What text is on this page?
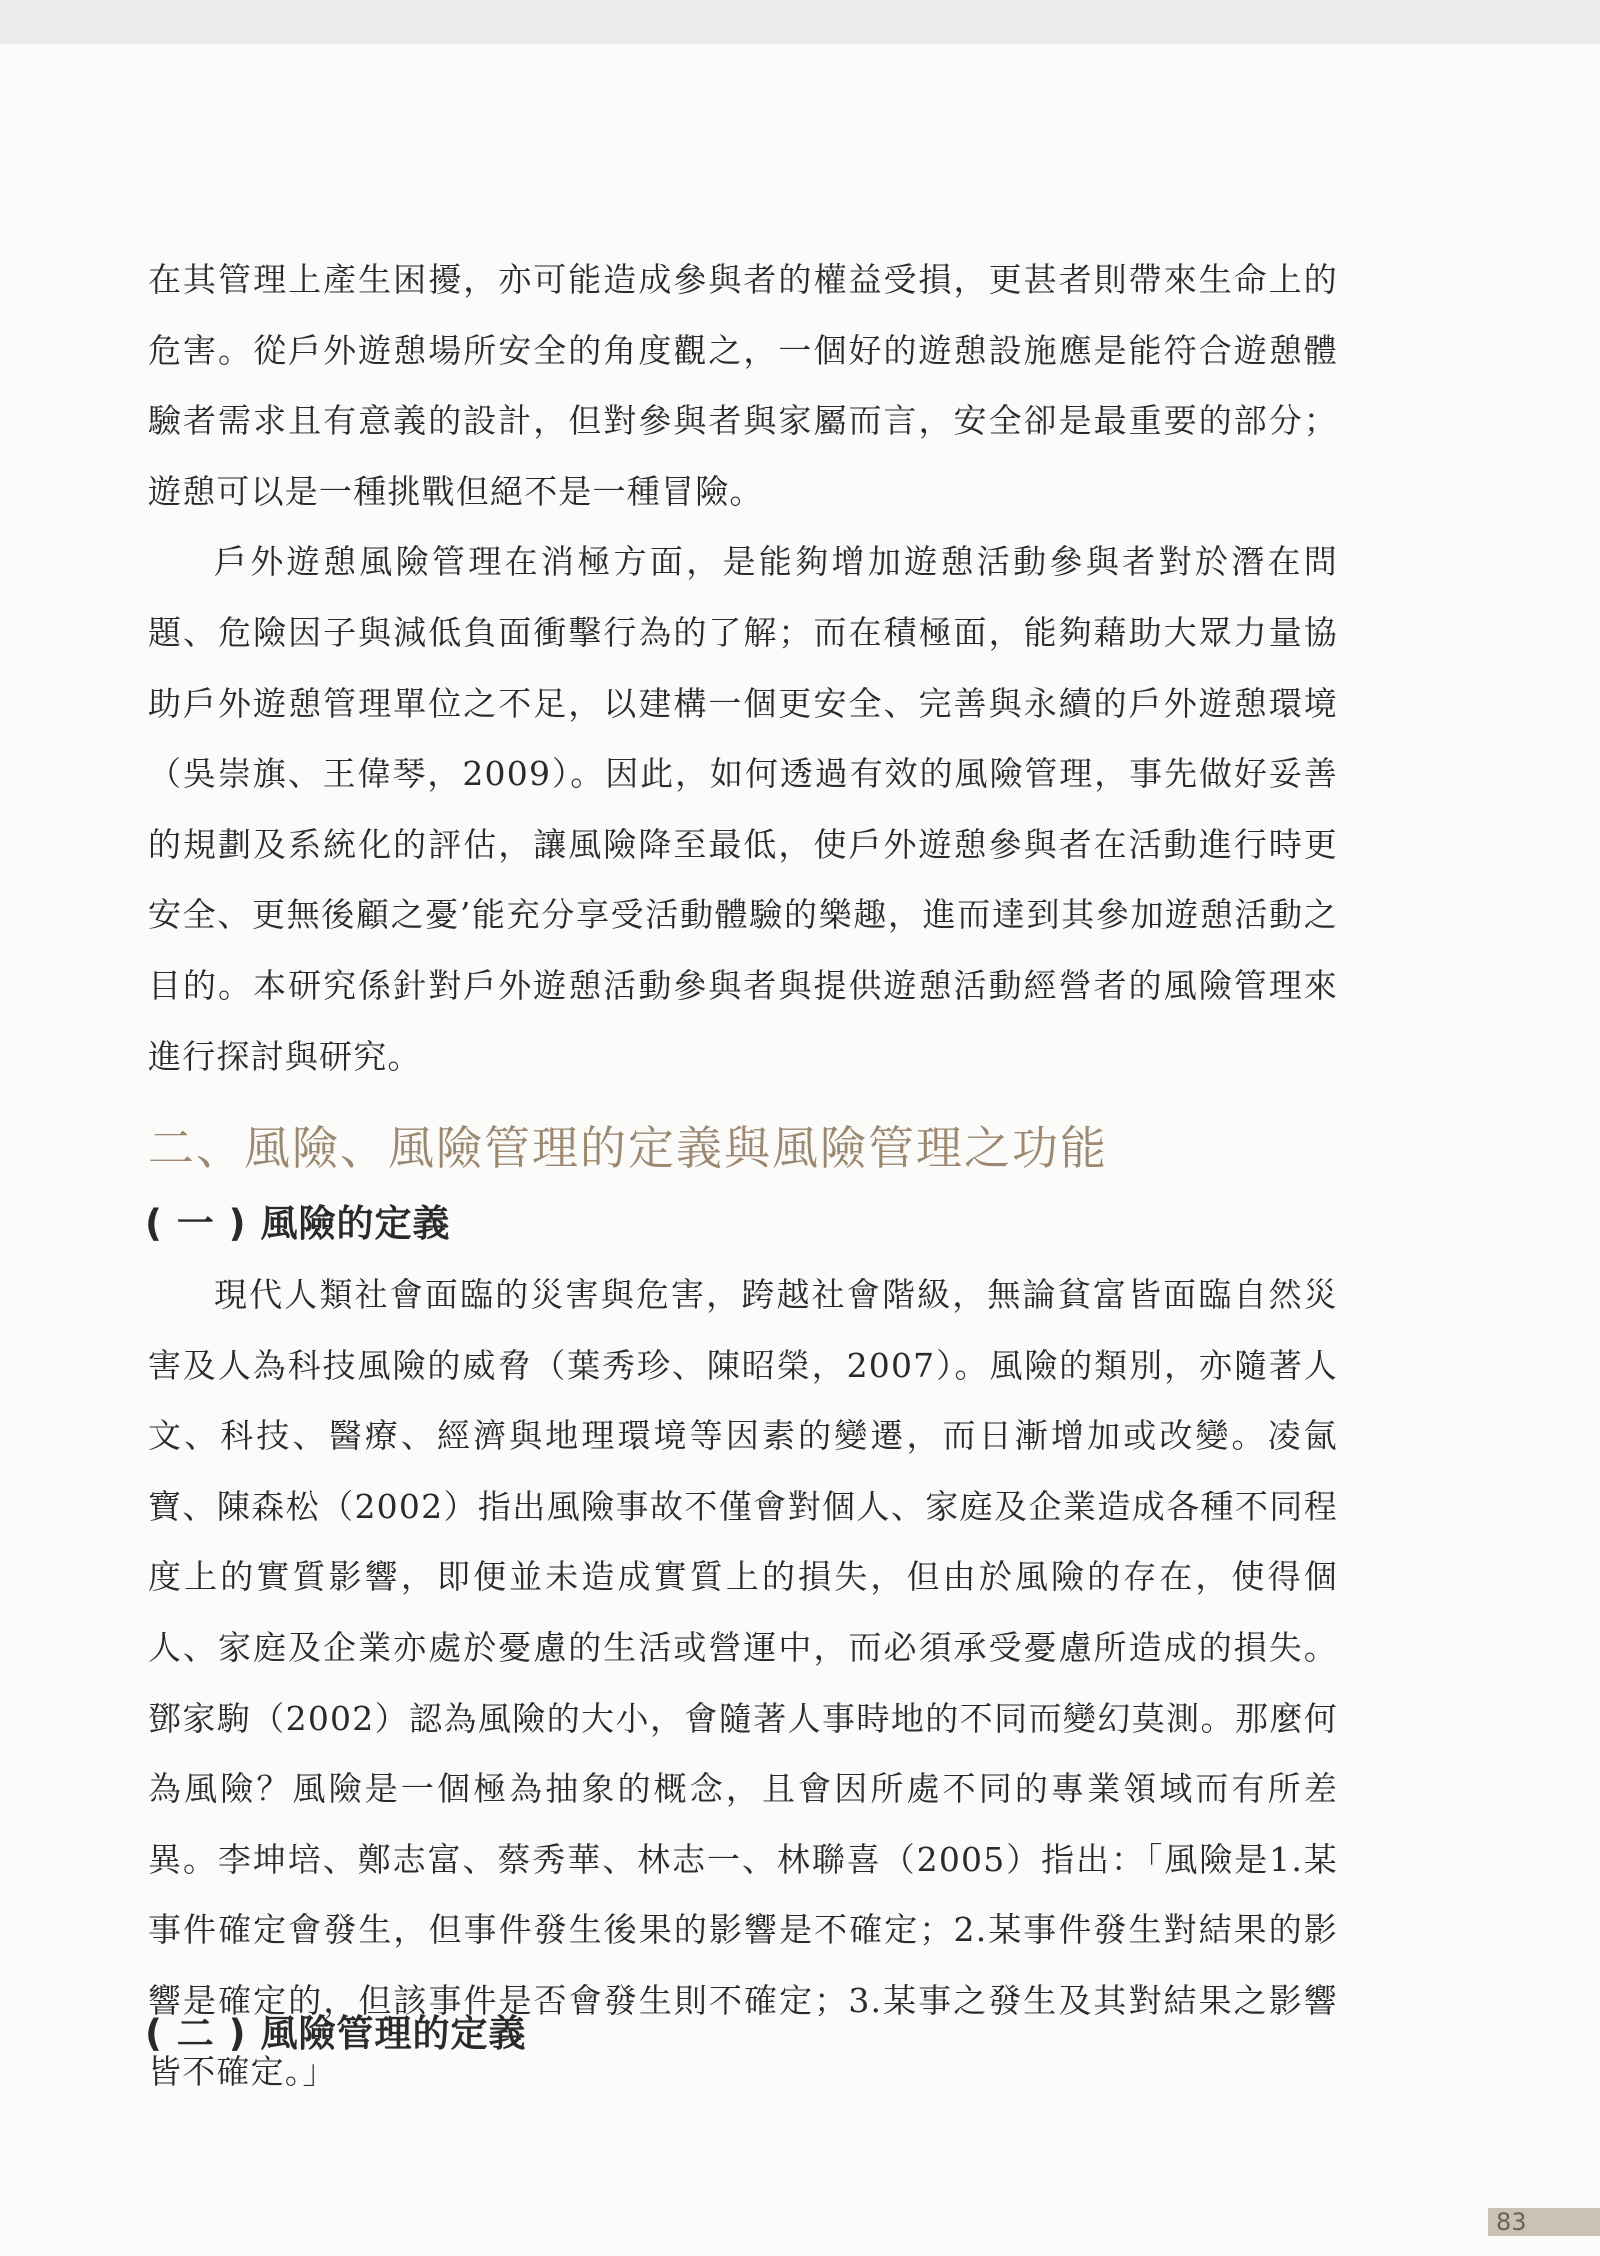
在其管理上產生困擾，亦可能造成參與者的權益受損，更甚者則帶來生命上的危害。從戶外遊憩場所安全的角度觀之，一個好的遊憩設施應是能符合遊憩體驗者需求且有意義的設計，但對參與者與家屬而言，安全卻是最重要的部分；遊憩可以是一種挑戰但絕不是一種冒險。

戶外遊憩風險管理在消極方面，是能夠增加遊憩活動參與者對於潛在問題、危險因子與減低負面衝擊行為的了解；而在積極面，能夠藉助大眾力量協助戶外遊憩管理單位之不足，以建構一個更安全、完善與永續的戶外遊憩環境（吳崇旗、王偉琴，2009）。因此，如何透過有效的風險管理，事先做好妥善的規劃及系統化的評估，讓風險降至最低，使戶外遊憩參與者在活動進行時更安全、更無後顧之憂’能充分享受活動體驗的樂趣，進而達到其參加遊憩活動之目的。本研究係針對戶外遊憩活動參與者與提供遊憩活動經營者的風險管理來進行探討與研究。

二、風險、風險管理的定義與風險管理之功能
( 一 ) 風險的定義

現代人類社會面臨的災害與危害，跨越社會階級，無論貧富皆面臨自然災害及人為科技風險的威脅（葉秀珍、陳昭榮，2007）。風險的類別，亦隨著人文、科技、醫療、經濟與地理環境等因素的變遷，而日漸增加或改變。凌氤寶、陳森松（2002）指出風險事故不僅會對個人、家庭及企業造成各種不同程度上的實質影響，即便並未造成實質上的損失，但由於風險的存在，使得個人、家庭及企業亦處於憂慮的生活或營運中，而必須承受憂慮所造成的損失。鄧家駒（2002）認為風險的大小，會隨著人事時地的不同而變幻莫測。那麼何為風險？風險是一個極為抽象的概念，且會因所處不同的專業領域而有所差異。李坤培、鄭志富、蔡秀華、林志一、林聯喜（2005）指出：「風險是1.某事件確定會發生，但事件發生後果的影響是不確定；2.某事件發生對結果的影響是確定的，但該事件是否會發生則不確定；3.某事之發生及其對結果之影響皆不確定。」

( 二 ) 風險管理的定義
83
